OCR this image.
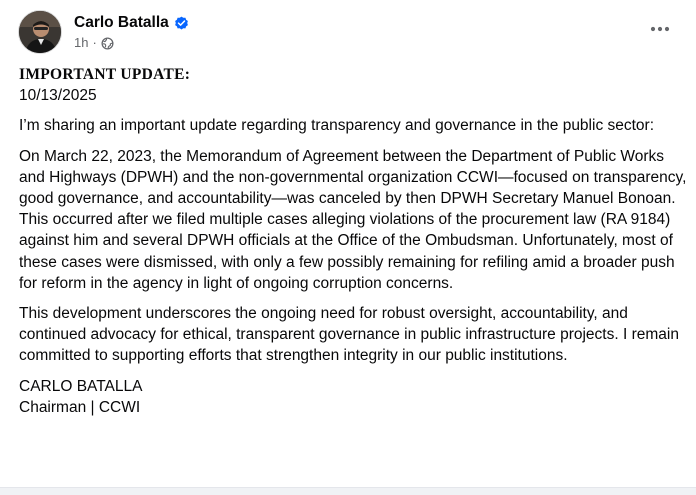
Carlo Batalla
1h ·
IMPORTANT UPDATE:
10/13/2025

I’m sharing an important update regarding transparency and governance in the public sector:

On March 22, 2023, the Memorandum of Agreement between the Department of Public Works and Highways (DPWH) and the non-governmental organization CCWI—focused on transparency, good governance, and accountability—was canceled by then DPWH Secretary Manuel Bonoan. This occurred after we filed multiple cases alleging violations of the procurement law (RA 9184) against him and several DPWH officials at the Office of the Ombudsman. Unfortunately, most of these cases were dismissed, with only a few possibly remaining for refiling amid a broader push for reform in the agency in light of ongoing corruption concerns.

This development underscores the ongoing need for robust oversight, accountability, and continued advocacy for ethical, transparent governance in public infrastructure projects. I remain committed to supporting efforts that strengthen integrity in our public institutions.

CARLO BATALLA
Chairman | CCWI
